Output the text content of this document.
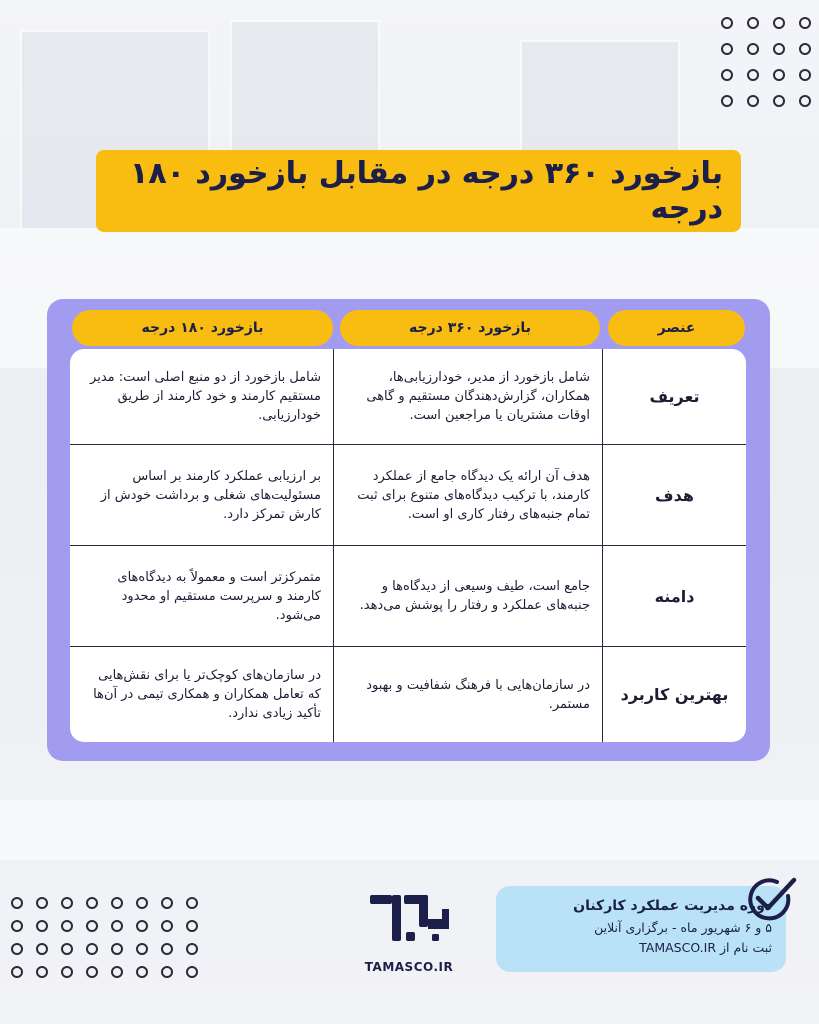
بازخورد ۳۶۰ درجه در مقابل بازخورد ۱۸۰ درجه
عنصر
بازخورد ۳۶۰ درجه
بازخورد ۱۸۰ درجه
تعریف
شامل بازخورد از مدیر، خودارزیابی‌ها، همکاران، گزارش‌دهندگان مستقیم و گاهی اوقات مشتریان یا مراجعین است.
شامل بازخورد از دو منبع اصلی است: مدیر مستقیم کارمند و خود کارمند از طریق خودارزیابی.
هدف
هدف آن ارائه یک دیدگاه جامع از عملکرد کارمند، با ترکیب دیدگاه‌های متنوع برای ثبت تمام جنبه‌های رفتار کاری او است.
بر ارزیابی عملکرد کارمند بر اساس مسئولیت‌های شغلی و برداشت خودش از کارش تمرکز دارد.
دامنه
جامع است، طیف وسیعی از دیدگاه‌ها و جنبه‌های عملکرد و رفتار را پوشش می‌دهد.
متمرکزتر است و معمولاً به دیدگاه‌های کارمند و سرپرست مستقیم او محدود می‌شود.
بهترین کاربرد
در سازمان‌هایی با فرهنگ شفافیت و بهبود مستمر.
در سازمان‌های کوچک‌تر یا برای نقش‌هایی که تعامل همکاران و همکاری تیمی در آن‌ها تأکید زیادی ندارد.
TAMASCO.IR
دوره مدیریت عملکرد کارکنان
۵ و ۶ شهریور ماه - برگزاری آنلاین
ثبت نام از TAMASCO.IR
